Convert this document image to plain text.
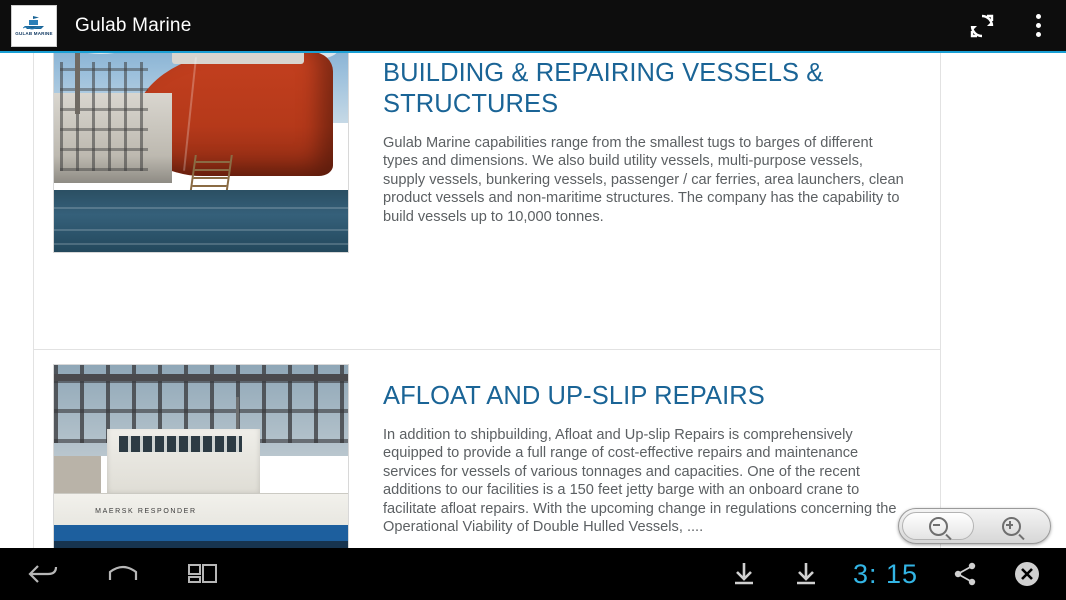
GULAB MARINE Gulab Marine
BUILDING & REPAIRING VESSELS & STRUCTURES

Gulab Marine capabilities range from the smallest tugs to barges of different types and dimensions. We also build utility vessels, multi-purpose vessels, supply vessels, bunkering vessels, passenger / car ferries, area launchers, clean product vessels and non-maritime structures. The company has the capability to build vessels up to 10,000 tonnes.

MAERSK RESPONDER
AFLOAT AND UP-SLIP REPAIRS

In addition to shipbuilding, Afloat and Up-slip Repairs is comprehensively equipped to provide a full range of cost-effective repairs and maintenance services for vessels of various tonnages and capacities. One of the recent additions to our facilities is a 150 feet jetty barge with an onboard crane to facilitate afloat repairs. With the upcoming change in regulations concerning the Operational Viability of Double Hulled Vessels, ....

3: 15
